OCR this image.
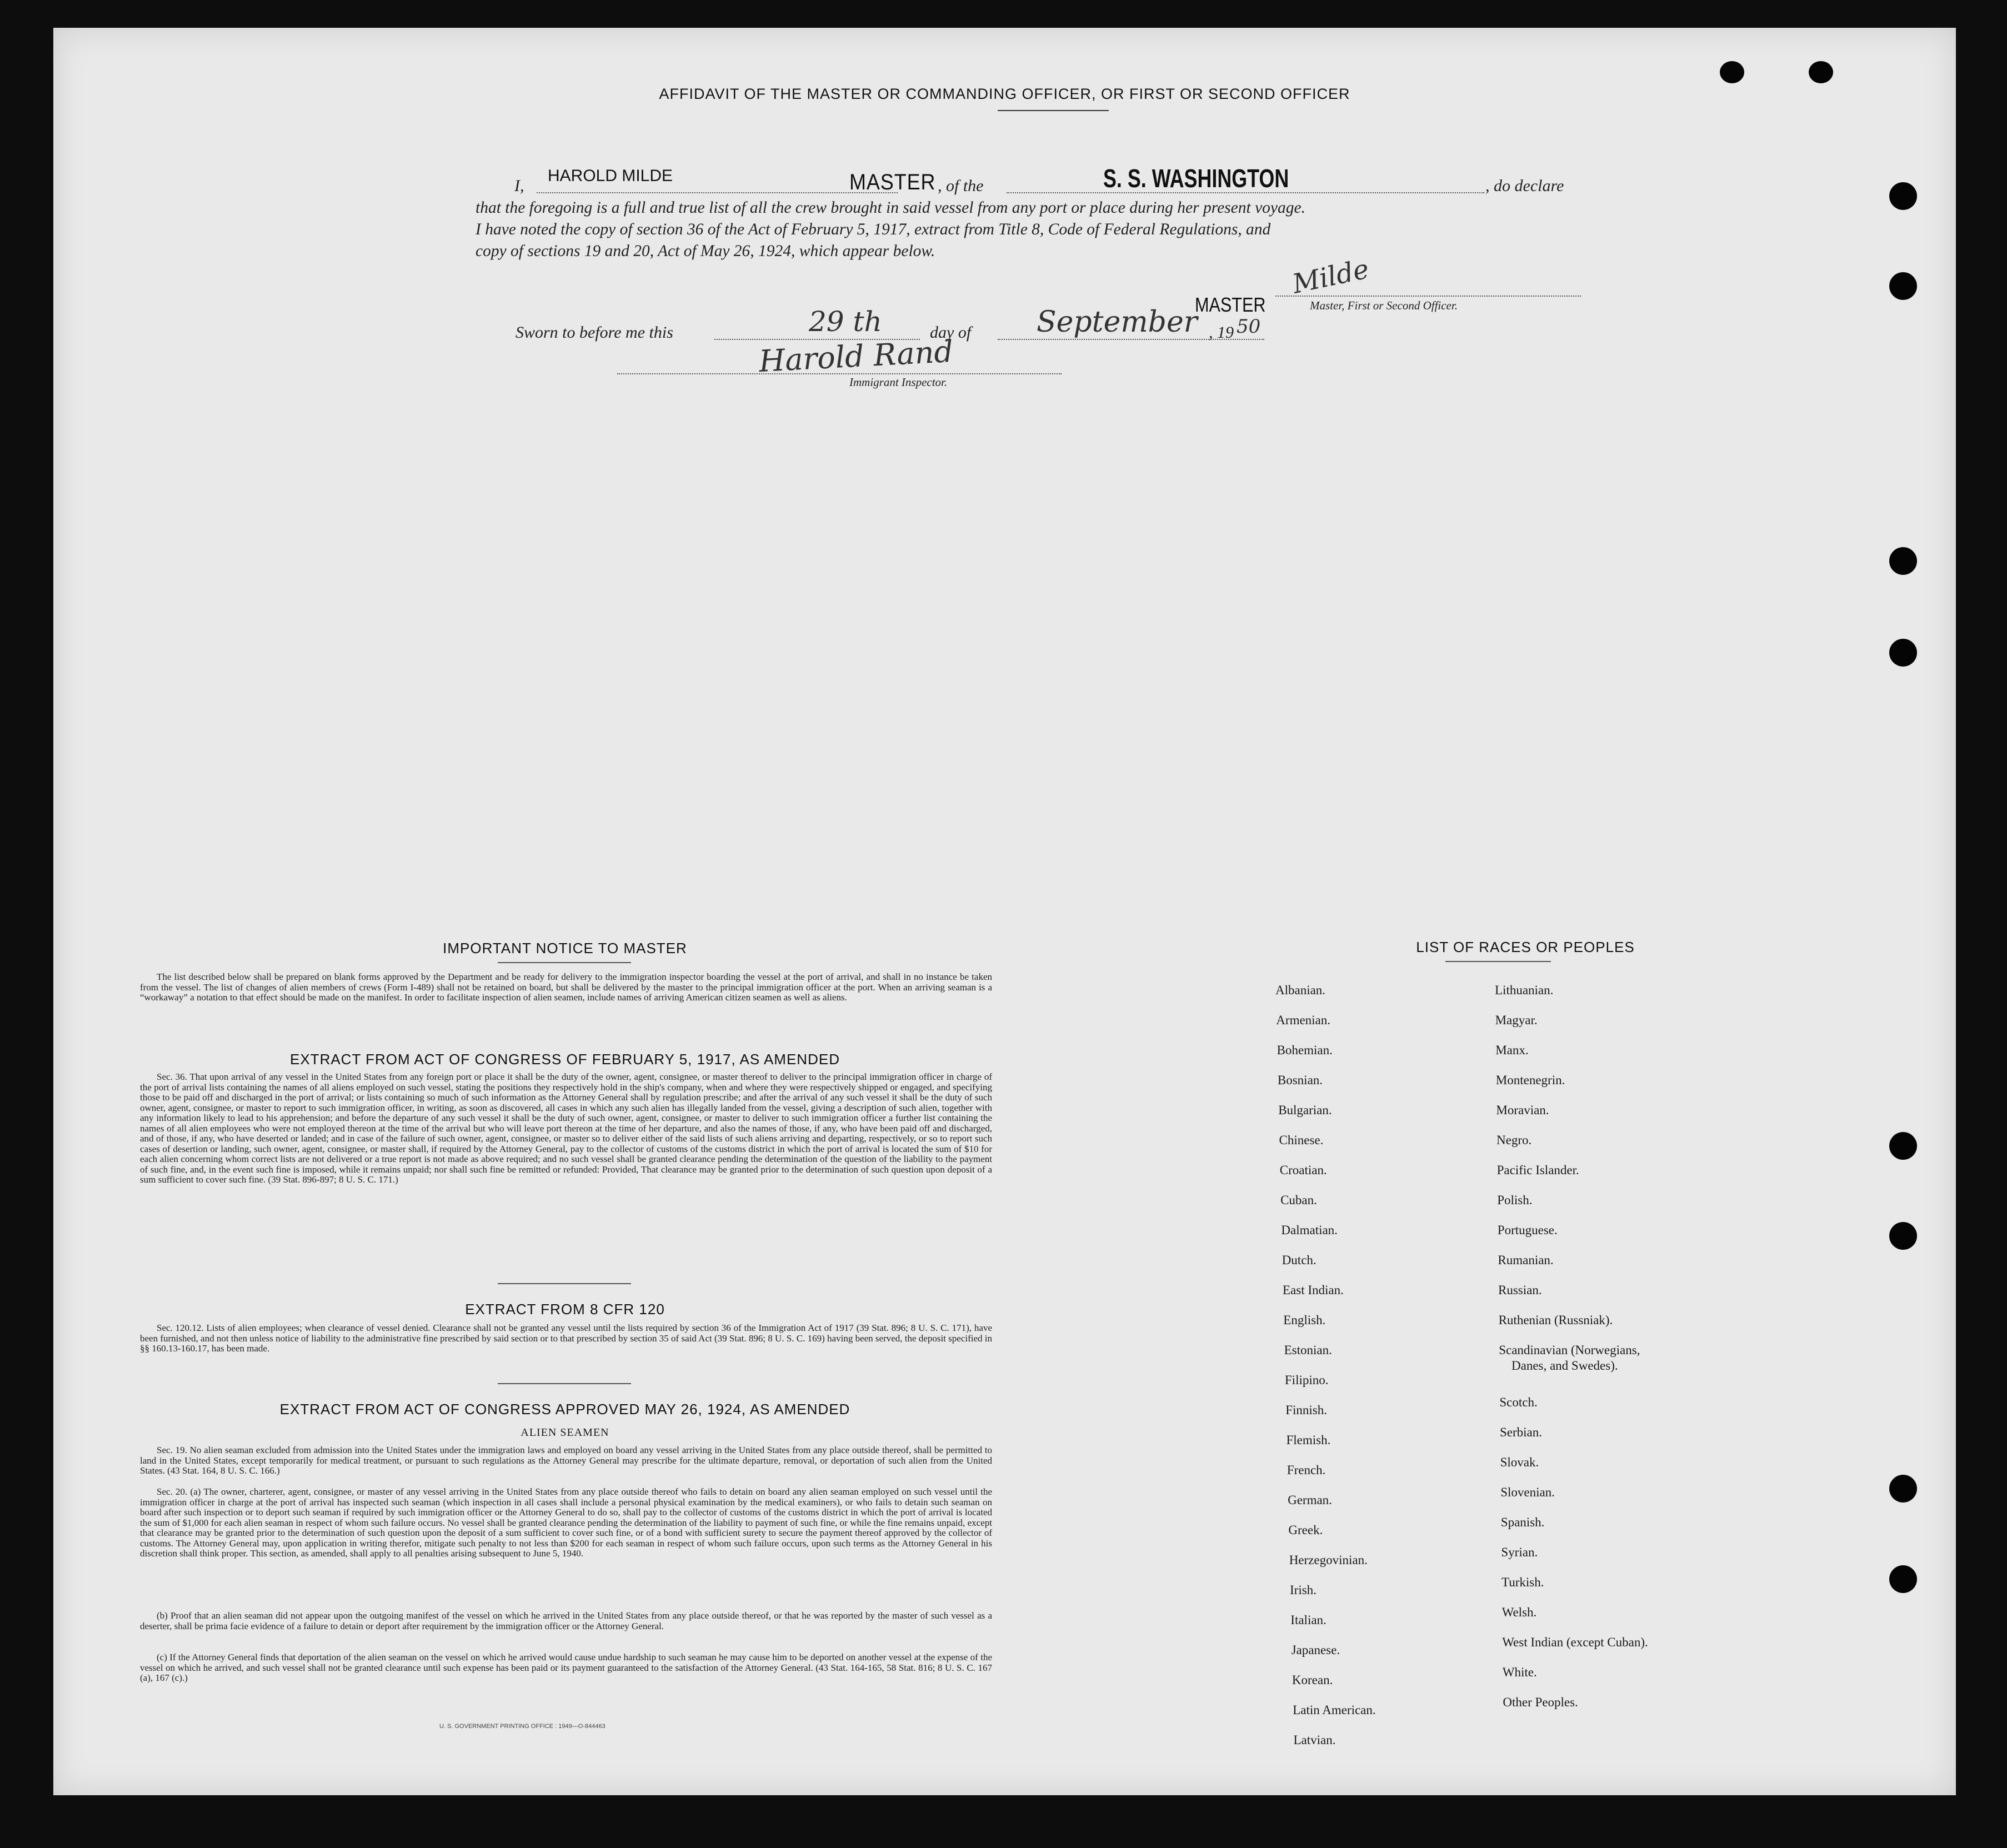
AFFIDAVIT OF THE MASTER OR COMMANDING OFFICER, OR FIRST OR SECOND OFFICER
I,
HAROLD MILDE	MASTER , of the	S. S. WASHINGTON	, do declare
that the foregoing is a full and true list of all the crew brought in said vessel from any port or place during her present voyage.
I have noted the copy of section 36 of the Act of February 5, 1917, extract from Title 8, Code of Federal Regulations, and
copy of sections 19 and 20, Act of May 26, 1924, which appear below.
Milde
Master, First or Second Officer.
Sworn to before me this	29 th	day of September , 19 50
MASTER
Harold Rand
Immigrant Inspector.
IMPORTANT NOTICE TO MASTER
The list described below shall be prepared on blank forms approved by the Department and be ready for delivery to the immigration inspector boarding the vessel at the port of arrival, and shall in no instance be taken from the vessel. The list of changes of alien members of crews (Form I-489) shall not be retained on board, but shall be delivered by the master to the principal immigration officer at the port. When an arriving seaman is a “workaway” a notation to that effect should be made on the manifest. In order to facilitate inspection of alien seamen, include names of arriving American citizen seamen as well as aliens.
EXTRACT FROM ACT OF CONGRESS OF FEBRUARY 5, 1917, AS AMENDED
Sec. 36. That upon arrival of any vessel in the United States from any foreign port or place it shall be the duty of the owner, agent, consignee, or master thereof to deliver to the principal immigration officer in charge of the port of arrival lists containing the names of all aliens employed on such vessel, stating the positions they respectively hold in the ship's company, when and where they were respectively shipped or engaged, and specifying those to be paid off and discharged in the port of arrival; or lists containing so much of such information as the Attorney General shall by regulation prescribe; and after the arrival of any such vessel it shall be the duty of such owner, agent, consignee, or master to report to such immigration officer, in writing, as soon as discovered, all cases in which any such alien has illegally landed from the vessel, giving a description of such alien, together with any information likely to lead to his apprehension; and before the departure of any such vessel it shall be the duty of such owner, agent, consignee, or master to deliver to such immigration officer a further list containing the names of all alien employees who were not employed thereon at the time of the arrival but who will leave port thereon at the time of her departure, and also the names of those, if any, who have been paid off and discharged, and of those, if any, who have deserted or landed; and in case of the failure of such owner, agent, consignee, or master so to deliver either of the said lists of such aliens arriving and departing, respectively, or so to report such cases of desertion or landing, such owner, agent, consignee, or master shall, if required by the Attorney General, pay to the collector of customs of the customs district in which the port of arrival is located the sum of $10 for each alien concerning whom correct lists are not delivered or a true report is not made as above required; and no such vessel shall be granted clearance pending the determination of the question of the liability to the payment of such fine, and, in the event such fine is imposed, while it remains unpaid; nor shall such fine be remitted or refunded: Provided, That clearance may be granted prior to the determination of such question upon deposit of a sum sufficient to cover such fine. (39 Stat. 896-897; 8 U. S. C. 171.)
EXTRACT FROM 8 CFR 120
Sec. 120.12. Lists of alien employees; when clearance of vessel denied. Clearance shall not be granted any vessel until the lists required by section 36 of the Immigration Act of 1917 (39 Stat. 896; 8 U. S. C. 171), have been furnished, and not then unless notice of liability to the administrative fine prescribed by said section or to that prescribed by section 35 of said Act (39 Stat. 896; 8 U. S. C. 169) having been served, the deposit specified in §§ 160.13-160.17, has been made.
EXTRACT FROM ACT OF CONGRESS APPROVED MAY 26, 1924, AS AMENDED
ALIEN SEAMEN
Sec. 19. No alien seaman excluded from admission into the United States under the immigration laws and employed on board any vessel arriving in the United States from any place outside thereof, shall be permitted to land in the United States, except temporarily for medical treatment, or pursuant to such regulations as the Attorney General may prescribe for the ultimate departure, removal, or deportation of such alien from the United States. (43 Stat. 164, 8 U. S. C. 166.)
Sec. 20. (a) The owner, charterer, agent, consignee, or master of any vessel arriving in the United States from any place outside thereof who fails to detain on board any alien seaman employed on such vessel until the immigration officer in charge at the port of arrival has inspected such seaman (which inspection in all cases shall include a personal physical examination by the medical examiners), or who fails to detain such seaman on board after such inspection or to deport such seaman if required by such immigration officer or the Attorney General to do so, shall pay to the collector of customs of the customs district in which the port of arrival is located the sum of $1,000 for each alien seaman in respect of whom such failure occurs. No vessel shall be granted clearance pending the determination of the liability to payment of such fine, or while the fine remains unpaid, except that clearance may be granted prior to the determination of such question upon the deposit of a sum sufficient to cover such fine, or of a bond with sufficient surety to secure the payment thereof approved by the collector of customs. The Attorney General may, upon application in writing therefor, mitigate such penalty to not less than $200 for each seaman in respect of whom such failure occurs, upon such terms as the Attorney General in his discretion shall think proper. This section, as amended, shall apply to all penalties arising subsequent to June 5, 1940.
(b) Proof that an alien seaman did not appear upon the outgoing manifest of the vessel on which he arrived in the United States from any place outside thereof, or that he was reported by the master of such vessel as a deserter, shall be prima facie evidence of a failure to detain or deport after requirement by the immigration officer or the Attorney General.
(c) If the Attorney General finds that deportation of the alien seaman on the vessel on which he arrived would cause undue hardship to such seaman he may cause him to be deported on another vessel at the expense of the vessel on which he arrived, and such vessel shall not be granted clearance until such expense has been paid or its payment guaranteed to the satisfaction of the Attorney General. (43 Stat. 164-165, 58 Stat. 816; 8 U. S. C. 167 (a), 167 (c).)
U. S. GOVERNMENT PRINTING OFFICE : 1949—O-844463
LIST OF RACES OR PEOPLES
Albanian.
Armenian.
Bohemian.
Bosnian.
Bulgarian.
Chinese.
Croatian.
Cuban.
Dalmatian.
Dutch.
East Indian.
English.
Estonian.
Filipino.
Finnish.
Flemish.
French.
German.
Greek.
Herzegovinian.
Irish.
Italian.
Japanese.
Korean.
Latin American.
Latvian.
Lithuanian.
Magyar.
Manx.
Montenegrin.
Moravian.
Negro.
Pacific Islander.
Polish.
Portuguese.
Rumanian.
Russian.
Ruthenian (Russniak).
Scandinavian (Norwegians,
Danes, and Swedes).
Scotch.
Serbian.
Slovak.
Slovenian.
Spanish.
Syrian.
Turkish.
Welsh.
West Indian (except Cuban).
White.
Other Peoples.
